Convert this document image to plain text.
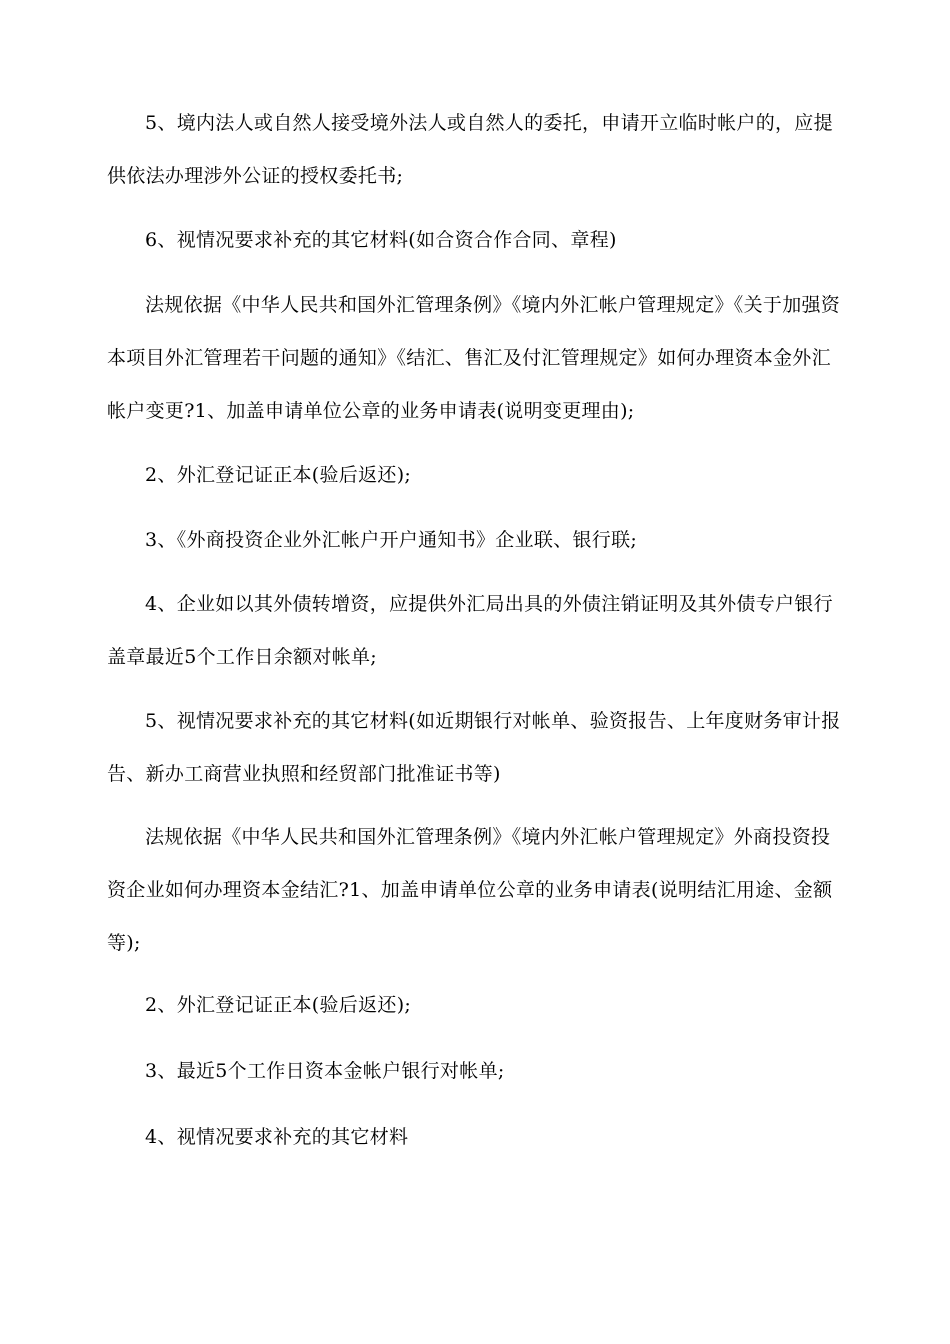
5、境内法人或自然人接受境外法人或自然人的委托，申请开立临时帐户的，应提供依法办理涉外公证的授权委托书;

6、视情况要求补充的其它材料(如合资合作合同、章程)

法规依据《中华人民共和国外汇管理条例》《境内外汇帐户管理规定》《关于加强资本项目外汇管理若干问题的通知》《结汇、售汇及付汇管理规定》如何办理资本金外汇帐户变更?1、加盖申请单位公章的业务申请表(说明变更理由);

2、外汇登记证正本(验后返还);

3、《外商投资企业外汇帐户开户通知书》企业联、银行联;

4、企业如以其外债转增资，应提供外汇局出具的外债注销证明及其外债专户银行盖章最近5个工作日余额对帐单;

5、视情况要求补充的其它材料(如近期银行对帐单、验资报告、上年度财务审计报告、新办工商营业执照和经贸部门批准证书等)

法规依据《中华人民共和国外汇管理条例》《境内外汇帐户管理规定》外商投资投资企业如何办理资本金结汇?1、加盖申请单位公章的业务申请表(说明结汇用途、金额等);

2、外汇登记证正本(验后返还);

3、最近5个工作日资本金帐户银行对帐单;

4、视情况要求补充的其它材料
